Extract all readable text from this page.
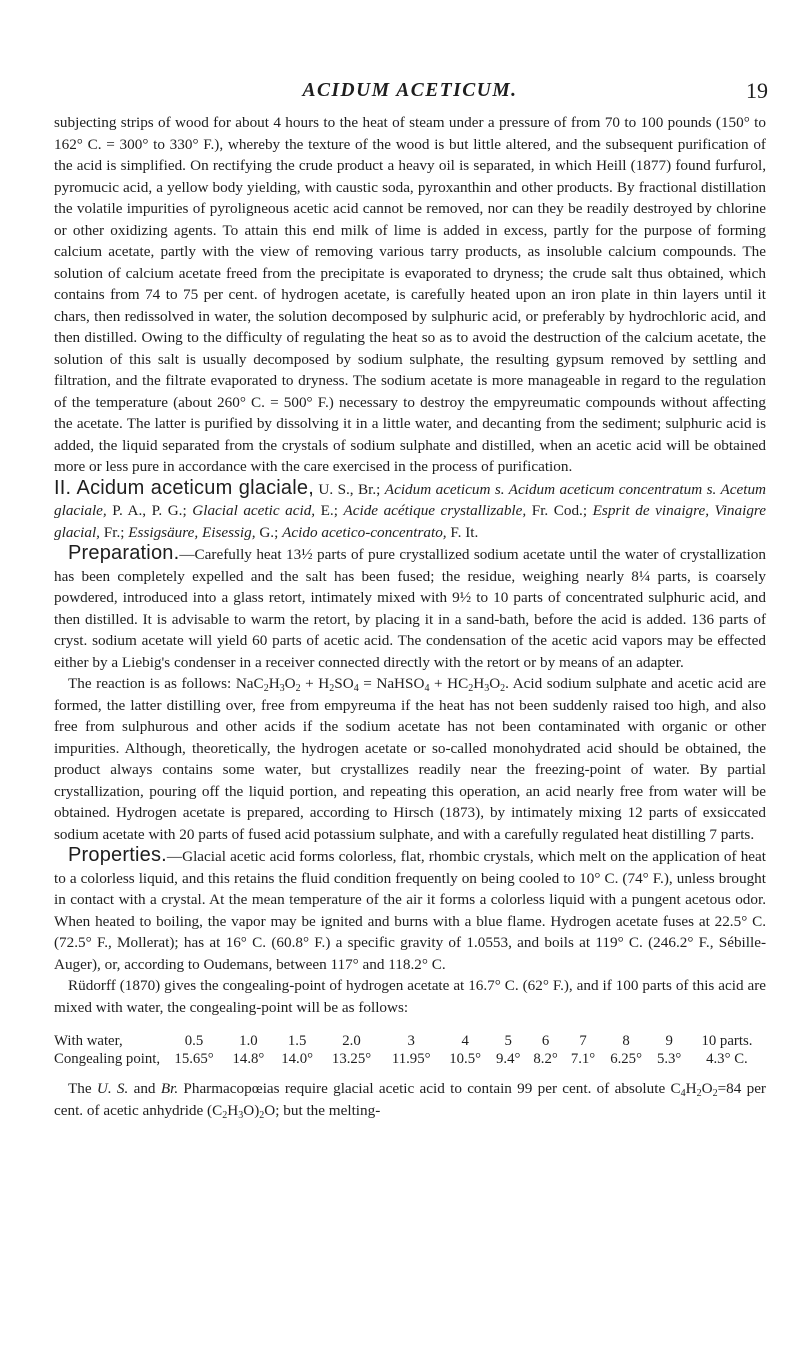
ACIDUM ACETICUM.	19

subjecting strips of wood for about 4 hours to the heat of steam under a pressure of from 70 to 100 pounds (150° to 162° C. = 300° to 330° F.), whereby the texture of the wood is but little altered, and the subsequent purification of the acid is simplified. On rectifying the crude product a heavy oil is separated, in which Heill (1877) found furfurol, pyromucic acid, a yellow body yielding, with caustic soda, pyroxanthin and other products. By fractional distillation the volatile impurities of pyroligneous acetic acid cannot be removed, nor can they be readily destroyed by chlorine or other oxidizing agents. To attain this end milk of lime is added in excess, partly for the purpose of forming calcium acetate, partly with the view of removing various tarry products, as insoluble calcium compounds. The solution of calcium acetate freed from the precipitate is evaporated to dryness; the crude salt thus obtained, which contains from 74 to 75 per cent. of hydrogen acetate, is carefully heated upon an iron plate in thin layers until it chars, then redissolved in water, the solution decomposed by sulphuric acid, or preferably by hydrochloric acid, and then distilled. Owing to the difficulty of regulating the heat so as to avoid the destruction of the calcium acetate, the solution of this salt is usually decomposed by sodium sulphate, the resulting gypsum removed by settling and filtration, and the filtrate evaporated to dryness. The sodium acetate is more manageable in regard to the regulation of the temperature (about 260° C. = 500° F.) necessary to destroy the empyreumatic compounds without affecting the acetate. The latter is purified by dissolving it in a little water, and decanting from the sediment; sulphuric acid is added, the liquid separated from the crystals of sodium sulphate and distilled, when an acetic acid will be obtained more or less pure in accordance with the care exercised in the process of purification.

II. Acidum aceticum glaciale, U. S., Br.; Acidum aceticum s. Acidum aceticum concentratum s. Acetum glaciale, P. A., P. G.; Glacial acetic acid, E.; Acide acétique crystallizable, Fr. Cod.; Esprit de vinaigre, Vinaigre glacial, Fr.; Essigsäure, Eisessig, G.; Acido acetico-concentrato, F. It.

Preparation.—Carefully heat 13½ parts of pure crystallized sodium acetate until the water of crystallization has been completely expelled and the salt has been fused; the residue, weighing nearly 8¼ parts, is coarsely powdered, introduced into a glass retort, intimately mixed with 9½ to 10 parts of concentrated sulphuric acid, and then distilled. It is advisable to warm the retort, by placing it in a sand-bath, before the acid is added. 136 parts of cryst. sodium acetate will yield 60 parts of acetic acid. The condensation of the acetic acid vapors may be effected either by a Liebig's condenser in a receiver connected directly with the retort or by means of an adapter.

The reaction is as follows: $NaC_2H_3O_2 + H_2SO_4$ = NaHSO$_4$ + $HC_2H_3O_2$. Acid sodium sulphate and acetic acid are formed, the latter distilling over, free from empyreuma if the heat has not been suddenly raised too high, and also free from sulphurous and other acids if the sodium acetate has not been contaminated with organic or other impurities. Although, theoretically, the hydrogen acetate or so-called monohydrated acid should be obtained, the product always contains some water, but crystallizes readily near the freezing-point of water. By partial crystallization, pouring off the liquid portion, and repeating this operation, an acid nearly free from water will be obtained. Hydrogen acetate is prepared, according to Hirsch (1873), by intimately mixing 12 parts of exsiccated sodium acetate with 20 parts of fused acid potassium sulphate, and with a carefully regulated heat distilling 7 parts.

Properties.—Glacial acetic acid forms colorless, flat, rhombic crystals, which melt on the application of heat to a colorless liquid, and this retains the fluid condition frequently on being cooled to 10° C. (74° F.), unless brought in contact with a crystal. At the mean temperature of the air it forms a colorless liquid with a pungent acetous odor. When heated to boiling, the vapor may be ignited and burns with a blue flame. Hydrogen acetate fuses at 22.5° C. (72.5° F., Mollerat); has at 16° C. (60.8° F.) a specific gravity of 1.0553, and boils at 119° C. (246.2° F., Sébille-Auger), or, according to Oudemans, between 117° and 118.2° C.

Rüdorff (1870) gives the congealing-point of hydrogen acetate at 16.7° C. (62° F.), and if 100 parts of this acid are mixed with water, the congealing-point will be as follows:

With water,	0.5	1.0	1.5	2.0	3	4	5	6	7	8	9	10 parts.
Congealing point,	15.65°	14.8°	14.0°	13.25°	11.95°	10.5°	9.4°	8.2°	7.1°	6.25°	5.3°	4.3° C.

The U. S. and Br. Pharmacopœias require glacial acetic acid to contain 99 per cent. of absolute $C_4H_2O_2=84$ per cent. of acetic anhydride $(C_2H_3O)_2O$; but the melting-
